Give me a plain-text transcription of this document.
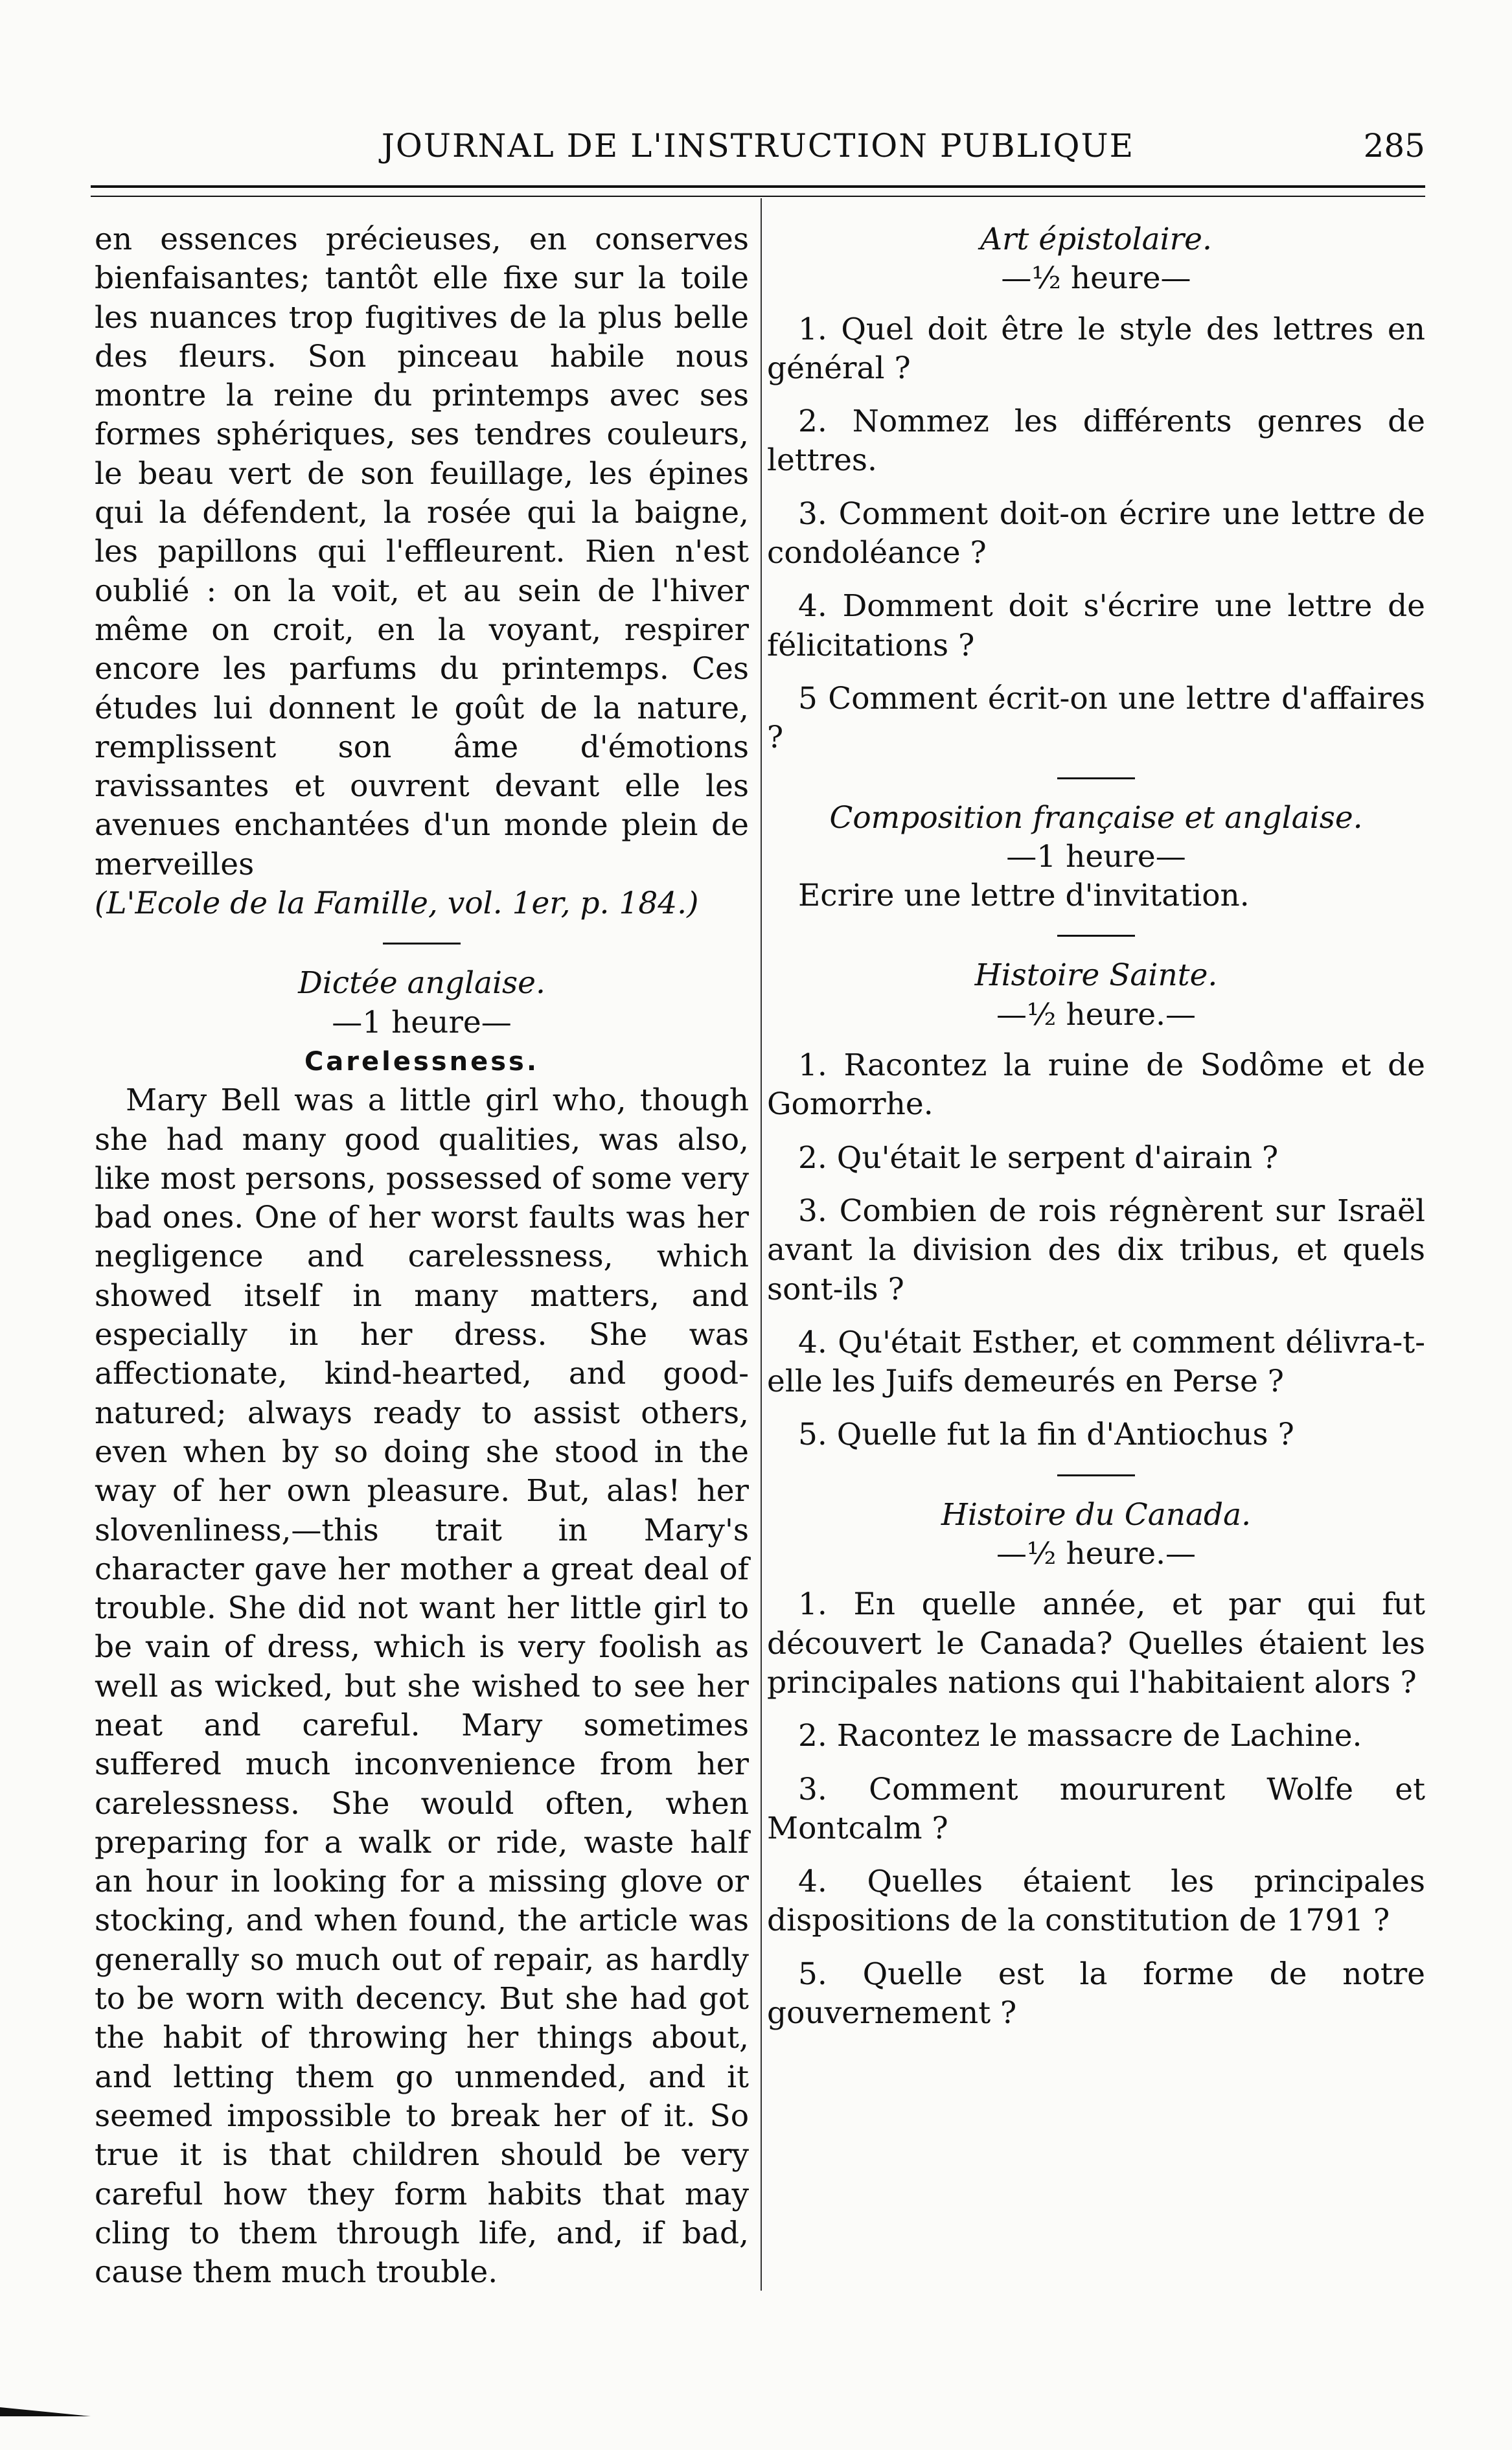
JOURNAL DE L'INSTRUCTION PUBLIQUE	285

en essences précieuses, en conserves bienfaisantes; tantôt elle fixe sur la toile les nuances trop fugitives de la plus belle des fleurs. Son pinceau habile nous montre la reine du printemps avec ses formes sphériques, ses tendres couleurs, le beau vert de son feuillage, les épines qui la défendent, la rosée qui la baigne, les papillons qui l'effleurent. Rien n'est oublié : on la voit, et au sein de l'hiver même on croit, en la voyant, respirer encore les parfums du printemps. Ces études lui donnent le goût de la nature, remplissent son âme d'émotions ravissantes et ouvrent devant elle les avenues enchantées d'un monde plein de merveilles

(L'Ecole de la Famille, vol. 1er, p. 184.)

Dictée anglaise.
—1 heure—
Carelessness.

Mary Bell was a little girl who, though she had many good qualities, was also, like most persons, possessed of some very bad ones. One of her worst faults was her negligence and carelessness, which showed itself in many matters, and especially in her dress. She was affectionate, kind-hearted, and good-natured; always ready to assist others, even when by so doing she stood in the way of her own pleasure. But, alas! her slovenliness,—this trait in Mary's character gave her mother a great deal of trouble. She did not want her little girl to be vain of dress, which is very foolish as well as wicked, but she wished to see her neat and careful. Mary sometimes suffered much inconvenience from her carelessness. She would often, when preparing for a walk or ride, waste half an hour in looking for a missing glove or stocking, and when found, the article was generally so much out of repair, as hardly to be worn with decency. But she had got the habit of throwing her things about, and letting them go unmended, and it seemed impossible to break her of it. So true it is that children should be very careful how they form habits that may cling to them through life, and, if bad, cause them much trouble.

Art épistolaire.
—½ heure—

1. Quel doit être le style des lettres en général ?

2. Nommez les différents genres de lettres.

3. Comment doit-on écrire une lettre de condoléance ?

4. Domment doit s'écrire une lettre de félicitations ?

5 Comment écrit-on une lettre d'affaires ?

Composition française et anglaise.
—1 heure—

Ecrire une lettre d'invitation.

Histoire Sainte.
—½ heure.—

1. Racontez la ruine de Sodôme et de Gomorrhe.

2. Qu'était le serpent d'airain ?

3. Combien de rois régnèrent sur Israël avant la division des dix tribus, et quels sont-ils ?

4. Qu'était Esther, et comment délivra-t-elle les Juifs demeurés en Perse ?

5. Quelle fut la fin d'Antiochus ?

Histoire du Canada.
—½ heure.—

1. En quelle année, et par qui fut découvert le Canada? Quelles étaient les principales nations qui l'habitaient alors ?

2. Racontez le massacre de Lachine.

3. Comment moururent Wolfe et Montcalm ?

4. Quelles étaient les principales dispositions de la constitution de 1791 ?

5. Quelle est la forme de notre gouvernement ?
